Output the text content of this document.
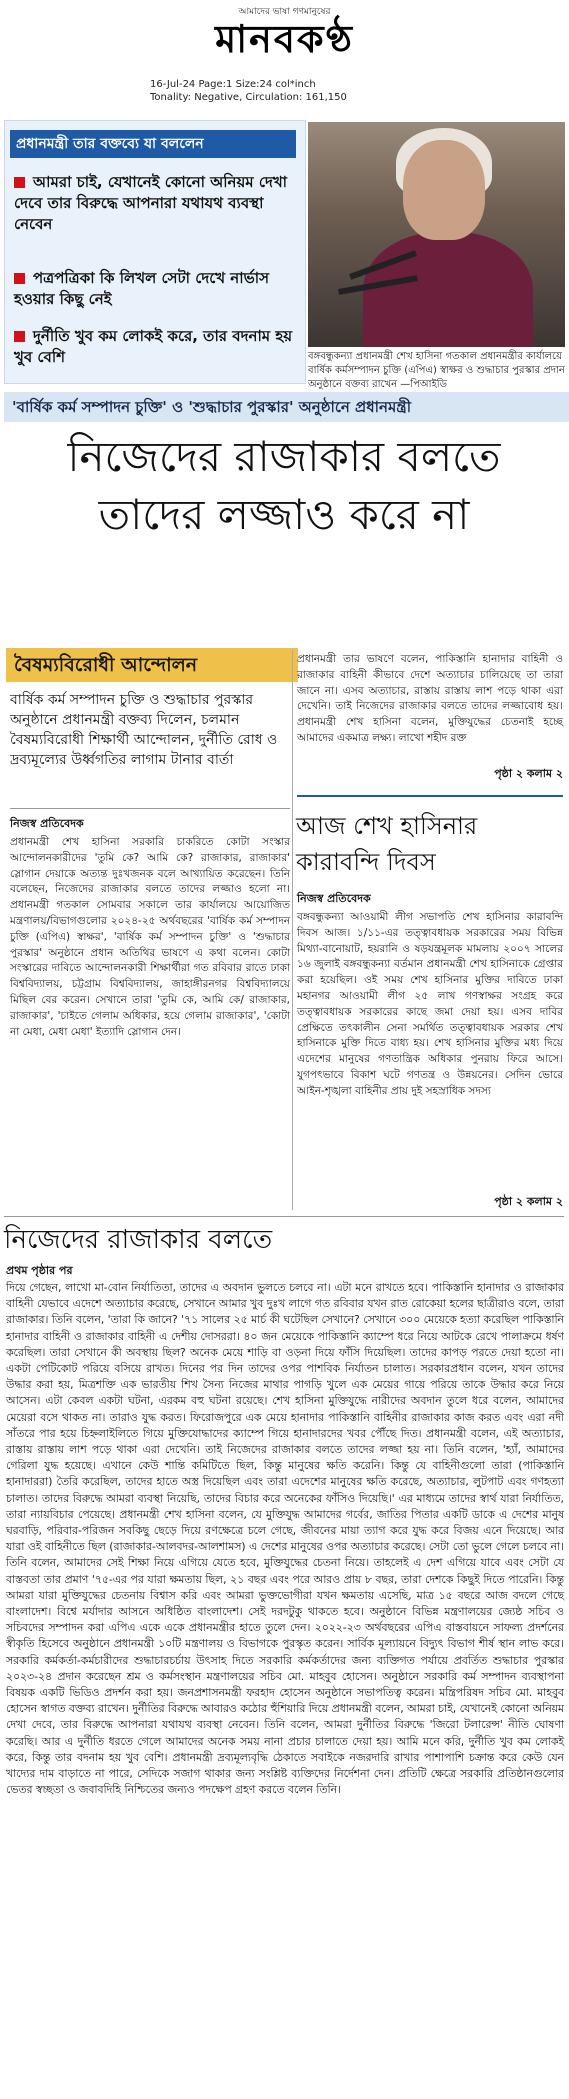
আমাদের ভাষা গণমানুষের
মানবকণ্ঠ
16-Jul-24 Page:1 Size:24 col*inch
Tonality: Negative, Circulation: 161,150
প্রধানমন্ত্রী তার বক্তব্যে যা বললেন
আমরা চাই, যেখানেই কোনো অনিয়ম দেখা দেবে তার বিরুদ্ধে আপনারা যথাযথ ব্যবস্থা নেবেন
পত্রপত্রিকা কি লিখল সেটা দেখে নার্ভাস হওয়ার কিছু নেই
দুর্নীতি খুব কম লোকই করে, তার বদনাম হয় খুব বেশি	বঙ্গবন্ধুকন্যা প্রধানমন্ত্রী শেখ হাসিনা গতকাল প্রধানমন্ত্রীর কার্যালয়ে বার্ষিক কর্মসম্পাদন চুক্তি (এপিএ) স্বাক্ষর ও শুদ্ধাচার পুরস্কার প্রদান অনুষ্ঠানে বক্তব্য রাখেন —পিআইডি
'বার্ষিক কর্ম সম্পাদন চুক্তি' ও 'শুদ্ধাচার পুরস্কার' অনুষ্ঠানে প্রধানমন্ত্রী
নিজেদের রাজাকার বলতে
তাদের লজ্জাও করে না
বৈষম্যবিরোধী আন্দোলন
বার্ষিক কর্ম সম্পাদন চুক্তি ও শুদ্ধাচার পুরস্কার অনুষ্ঠানে প্রধানমন্ত্রী বক্তব্য দিলেন, চলমান বৈষম্যবিরোধী শিক্ষার্থী আন্দোলন, দুর্নীতি রোধ ও দ্রব্যমূল্যের উর্ধ্বগতির লাগাম টানার বার্তা
নিজস্ব প্রতিবেদক
প্রধানমন্ত্রী শেখ হাসিনা সরকারি চাকরিতে কোটা সংস্কার আন্দোলনকারীদের 'তুমি কে? আমি কে? রাজাকার, রাজাকার' স্লোগান দেয়াকে অত্যন্ত দুঃখজনক বলে আখ্যায়িত করেছেন। তিনি বলেছেন, নিজেদের রাজাকার বলতে তাদের লজ্জাও হলো না। প্রধানমন্ত্রী গতকাল সোমবার সকালে তার কার্যালয়ে আয়োজিত মন্ত্রণালয়/বিভাগগুলোর ২০২৪-২৫ অর্থবছরের 'বার্ষিক কর্ম সম্পাদন চুক্তি (এপিএ) স্বাক্ষর', 'বার্ষিক কর্ম সম্পাদন চুক্তি' ও 'শুদ্ধাচার পুরস্কার' অনুষ্ঠানে প্রধান অতিথির ভাষণে এ কথা বলেন। কোটা সংস্কারের দাবিতে আন্দোলনকারী শিক্ষার্থীরা গত রবিবার রাতে ঢাকা বিশ্ববিদ্যালয়, চট্টগ্রাম বিশ্ববিদ্যালয়, জাহাঙ্গীরনগর বিশ্ববিদ্যালয়ে মিছিল বের করেন। সেখানে তারা 'তুমি কে, আমি কে/ রাজাকার, রাজাকার', 'চাইতে গেলাম অধিকার, হয়ে গেলাম রাজাকার', 'কোটা না মেধা, মেধা মেধা' ইত্যাদি স্লোগান দেন।
প্রধানমন্ত্রী তার ভাষণে বলেন, পাকিস্তানি হানাদার বাহিনী ও রাজাকার বাহিনী কীভাবে দেশে অত্যাচার চালিয়েছে তা তারা জানে না। এসব অত্যাচার, রাস্তায় রাস্তায় লাশ পড়ে থাকা এরা দেখেনি। তাই নিজেদের রাজাকার বলতে তাদের লজ্জাবোধ হয়। প্রধানমন্ত্রী শেখ হাসিনা বলেন, মুক্তিযুদ্ধের চেতনাই হচ্ছে আমাদের একমাত্র লক্ষ্য। লাখো শহীদ রক্ত
পৃষ্ঠা ২ কলাম ২
আজ শেখ হাসিনার কারাবন্দি দিবস
নিজস্ব প্রতিবেদক
বঙ্গবন্ধুকন্যা আওয়ামী লীগ সভাপতি শেখ হাসিনার কারাবন্দি দিবস আজ। ১/১১-এর তত্ত্বাবধায়ক সরকারের সময় বিভিন্ন মিথ্যা-বানোয়াট, হয়রানি ও ষড়যন্ত্রমূলক মামলায় ২০০৭ সালের ১৬ জুলাই বঙ্গবন্ধুকন্যা বর্তমান প্রধানমন্ত্রী শেখ হাসিনাকে গ্রেপ্তার করা হয়েছিল। ওই সময় শেখ হাসিনার মুক্তির দাবিতে ঢাকা মহানগর আওয়ামী লীগ ২৫ লাখ গণস্বাক্ষর সংগ্রহ করে তত্ত্বাবধায়ক সরকারের কাছে জমা দেয়া হয়। এসব দাবির প্রেক্ষিতে তৎকালীন সেনা সমর্থিত তত্ত্বাবধায়ক সরকার শেখ হাসিনাকে মুক্তি দিতে বাধ্য হয়। শেখ হাসিনার মুক্তির মধ্য দিয়ে এদেশের মানুষের গণতান্ত্রিক অধিকার পুনরায় ফিরে আসে। যুগপৎভাবে বিকাশ ঘটে গণতন্ত্র ও উন্নয়নের। সেদিন ভোরে আইন-শৃঙ্খলা বাহিনীর প্রায় দুই সহস্রাধিক সদস্য
পৃষ্ঠা ২ কলাম ২
নিজেদের রাজাকার বলতে
প্রথম পৃষ্ঠার পর
দিয়ে গেছেন, লাখো মা-বোন নির্যাতিতা, তাদের এ অবদান ভুলতে চলবে না। এটা মনে রাখতে হবে। পাকিস্তানি হানাদার ও রাজাকার বাহিনী যেভাবে এদেশে অত্যাচার করেছে, সেখানে আমার খুব দুঃখ লাগে গত রবিবার যখন রাত রোকেয়া হলের ছাত্রীরাও বলে, তারা রাজাকার। তিনি বলেন, 'তারা কি জানে? '৭১ সালের ২৫ মার্চ কী ঘটেছিল সেখানে? সেখানে ৩০০ মেয়েকে হত্যা করেছিল পাকিস্তানি হানাদার বাহিনী ও রাজাকার বাহিনী এ দেশীয় দোসররা। ৪০ জন মেয়েকে পাকিস্তানি ক্যাম্পে ধরে নিয়ে আটকে রেখে পালাক্রমে ধর্ষণ করেছিল। তারা সেখানে কী অবস্থায় ছিল? অনেক মেয়ে শাড়ি বা ওড়না দিয়ে ফাঁসি দিয়েছিল। তাদের কাপড় পরতে দেয়া হতো না। একটা পেটিকোট পরিয়ে বসিয়ে রাখত। দিনের পর দিন তাদের ওপর পাশবিক নির্যাতন চালাত। সরকারপ্রধান বলেন, যখন তাদের উদ্ধার করা হয়, মিত্রশক্তি এক ভারতীয় শিখ সৈন্য নিজের মাথার পাগড়ি খুলে এক মেয়ের গায়ে পরিয়ে তাকে উদ্ধার করে নিয়ে আসেন। এটা কেবল একটা ঘটনা, এরকম বহু ঘটনা রয়েছে। শেখ হাসিনা মুক্তিযুদ্ধে নারীদের অবদান তুলে ধরে বলেন, আমাদের মেয়েরা বসে থাকত না। তারাও যুদ্ধ করত। ফিরোজপুরে এক মেয়ে হানাদার পাকিস্তানি বাহিনীর রাজাকার কাজ করত এবং এরা নদী সাঁতরে পার হয়ে চিহ্নলাইলিতে গিয়ে মুক্তিযোদ্ধাদের ক্যাম্পে গিয়ে হানাদারদের খবর পৌঁছে দিত। প্রধানমন্ত্রী বলেন, এই অত্যাচার, রাস্তায় রাস্তায় লাশ পড়ে থাকা এরা দেখেনি। তাই নিজেদের রাজাকার বলতে তাদের লজ্জা হয় না। তিনি বলেন, 'হ্যাঁ, আমাদের গেরিলা যুদ্ধ হয়েছে। এখানে কেউ শান্তি কমিটিতে ছিল, কিন্তু মানুষের ক্ষতি করেনি। কিন্তু যে বাহিনীগুলো তারা (পাকিস্তানি হানাদাররা) তৈরি করেছিল, তাদের হাতে অস্ত্র দিয়েছিল এবং তারা এদেশের মানুষের ক্ষতি করেছে, অত্যাচার, লুটপাট এবং গণহত্যা চালাত। তাদের বিরুদ্ধে আমরা ব্যবস্থা নিয়েছি, তাদের বিচার করে অনেকের ফাঁসিও দিয়েছি।' এর মাধ্যমে তাদের স্বার্থ যারা নির্যাতিত, তারা ন্যায়বিচার পেয়েছে। প্রধানমন্ত্রী শেখ হাসিনা বলেন, যে মুক্তিযুদ্ধ আমাদের গর্বের, জাতির পিতার একটি ডাকে এ দেশের মানুষ ঘরবাড়ি, পরিবার-পরিজন সবকিছু ছেড়ে দিয়ে রণক্ষেত্রে চলে গেছে, জীবনের মায়া ত্যাগ করে যুদ্ধ করে বিজয় এনে দিয়েছে। আর যারা ওই বাহিনীতে ছিল (রাজাকার-আলবদর-আলশামস) এ দেশের মানুষের ওপর অত্যাচার করেছে। সেটা তো ভুলে গেলে চলবে না। তিনি বলেন, আমাদের সেই শিক্ষা নিয়ে এগিয়ে যেতে হবে, মুক্তিযুদ্ধের চেতনা নিয়ে। তাহলেই এ দেশ এগিয়ে যাবে এবং সেটা যে বাস্তবতা তার প্রমাণ '৭৫-এর পর যারা ক্ষমতায় ছিল, ২১ বছর এবং পরে আরও প্রায় ৮ বছর, তারা দেশকে কিছুই দিতে পারেনি। কিন্তু আমরা যারা মুক্তিযুদ্ধের চেতনায় বিশ্বাস করি এবং আমরা ভুক্তভোগীরা যখন ক্ষমতায় এসেছি, মাত্র ১৫ বছরে আজ বদলে গেছে বাংলাদেশ। বিশ্বে মর্যাদার আসনে অধিষ্ঠিত বাংলাদেশ। সেই দরদটুকু থাকতে হবে। অনুষ্ঠানে বিভিন্ন মন্ত্রণালয়ের জ্যেষ্ঠ সচিব ও সচিবদের সম্পাদন করা এপিএ একে একে প্রধানমন্ত্রীর হাতে তুলে দেন। ২০২২-২৩ অর্থবছরের এপিএ বাস্তবায়নে সাফল্য প্রদর্শনের স্বীকৃতি হিসেবে অনুষ্ঠানে প্রধানমন্ত্রী ১০টি মন্ত্রণালয় ও বিভাগকে পুরস্কৃত করেন। সার্বিক মূল্যায়নে বিদ্যুৎ বিভাগ শীর্ষ স্থান লাভ করে। সরকারি কর্মকর্তা-কর্মচারীদের শুদ্ধাচারচর্চায় উৎসাহ দিতে সরকারি কর্মকর্তাদের জন্য ব্যক্তিগত পর্যায়ে প্রবর্তিত শুদ্ধাচার পুরস্কার ২০২৩-২৪ প্রদান করেছেন শ্রম ও কর্মসংস্থান মন্ত্রণালয়ের সচিব মো. মাহবুব হোসেন। অনুষ্ঠানে সরকারি কর্ম সম্পাদন ব্যবস্থাপনা বিষয়ক একটি ভিডিও প্রদর্শন করা হয়। জনপ্রশাসনমন্ত্রী ফরহাদ হোসেন অনুষ্ঠানে সভাপতিত্ব করেন। মন্ত্রিপরিষদ সচিব মো. মাহবুব হোসেন স্বাগত বক্তব্য রাখেন। দুর্নীতির বিরুদ্ধে আবারও কঠোর হুঁশিয়ারি দিয়ে প্রধানমন্ত্রী বলেন, আমরা চাই, যেখানেই কোনো অনিয়ম দেখা দেবে, তার বিরুদ্ধে আপনারা যথাযথ ব্যবস্থা নেবেন। তিনি বলেন, আমরা দুর্নীতির বিরুদ্ধে 'জিরো টলারেন্স' নীতি ঘোষণা করেছি। আর এ দুর্নীতি ধরতে গেলে আমাদের অনেক সময় নানা প্রচার চালাতে দেয়া হয়। আমি মনে করি, দুর্নীতি খুব কম লোকই করে, কিন্তু তার বদনাম হয় খুব বেশি। প্রধানমন্ত্রী দ্রব্যমূল্যবৃদ্ধি ঠেকাতে সবাইকে নজরদারি রাখার পাশাপাশি চক্রান্ত করে কেউ যেন খাদ্যের দাম বাড়াতে না পারে, সেদিকে সজাগ থাকার জন্য সংশ্লিষ্ট ব্যক্তিদের নির্দেশনা দেন। প্রতিটি ক্ষেত্রে সরকারি প্রতিষ্ঠানগুলোর ভেতর স্বচ্ছতা ও জবাবদিহি নিশ্চিতের জন্যও পদক্ষেপ গ্রহণ করতে বলেন তিনি।
